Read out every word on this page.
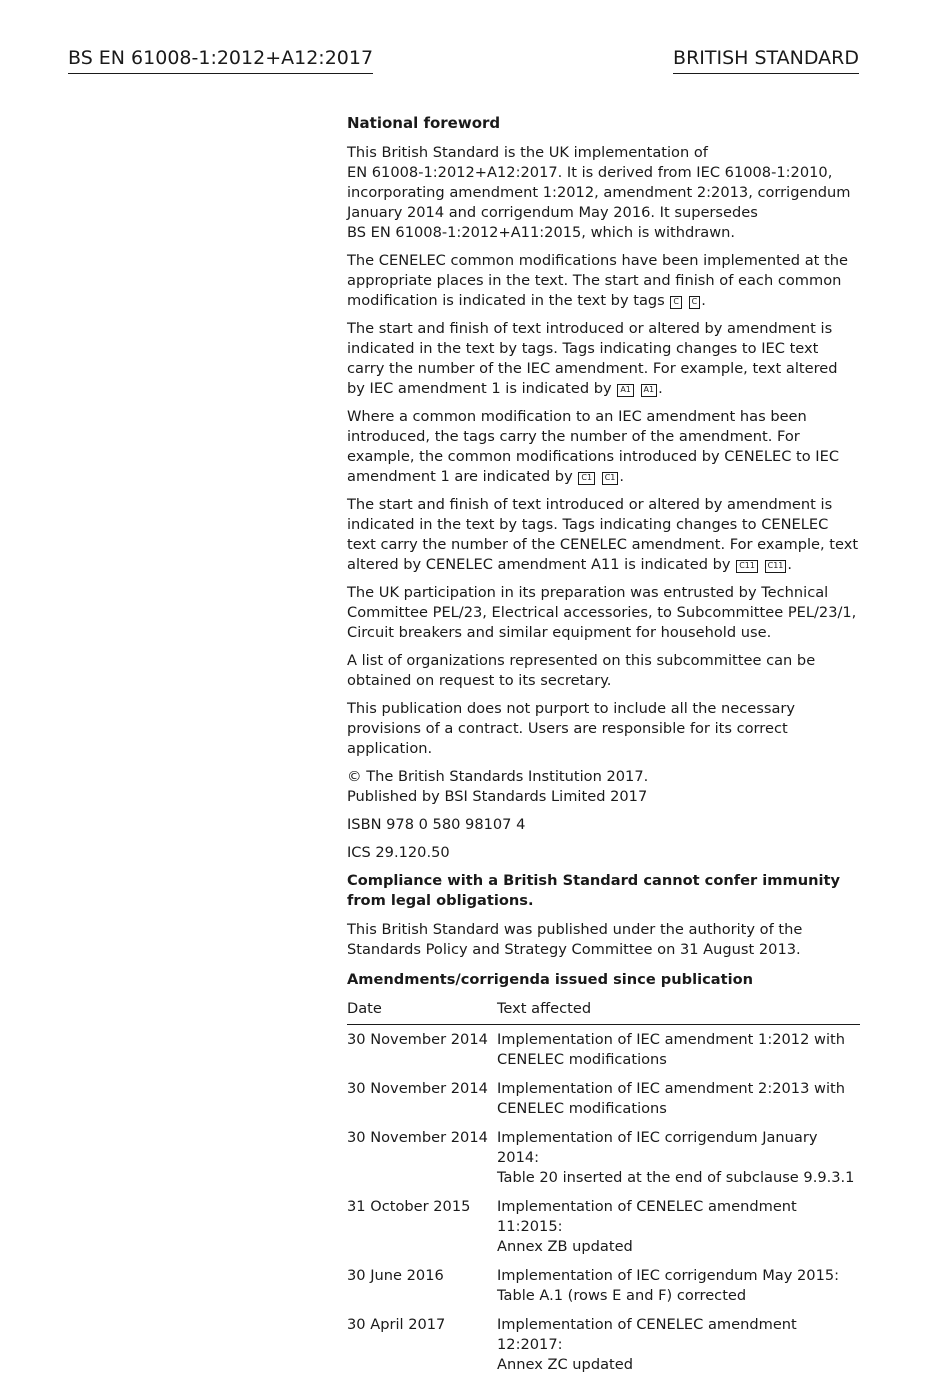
BS EN 61008-1:2012+A12:2017	BRITISH STANDARD
National foreword

This British Standard is the UK implementation of
EN 61008-1:2012+A12:2017. It is derived from IEC 61008-1:2010,
incorporating amendment 1:2012, amendment 2:2013, corrigendum
January 2014 and corrigendum May 2016. It supersedes
BS EN 61008-1:2012+A11:2015, which is withdrawn.

The CENELEC common modifications have been implemented at the appropriate places in the text. The start and finish of each common modification is indicated in the text by tags C C .

The start and finish of text introduced or altered by amendment is indicated in the text by tags. Tags indicating changes to IEC text carry the number of the IEC amendment. For example, text altered by IEC amendment 1 is indicated by A1 A1 .

Where a common modification to an IEC amendment has been introduced, the tags carry the number of the amendment. For example, the common modifications introduced by CENELEC to IEC amendment 1 are indicated by C1 C1 .

The start and finish of text introduced or altered by amendment is indicated in the text by tags. Tags indicating changes to CENELEC text carry the number of the CENELEC amendment. For example, text altered by CENELEC amendment A11 is indicated by C11 C11 .

The UK participation in its preparation was entrusted by Technical Committee PEL/23, Electrical accessories, to Subcommittee PEL/23/1, Circuit breakers and similar equipment for household use.

A list of organizations represented on this subcommittee can be obtained on request to its secretary.

This publication does not purport to include all the necessary provisions of a contract. Users are responsible for its correct application.

© The British Standards Institution 2017.
Published by BSI Standards Limited 2017

ISBN 978 0 580 98107 4

ICS 29.120.50

Compliance with a British Standard cannot confer immunity from legal obligations.

This British Standard was published under the authority of the Standards Policy and Strategy Committee on 31 August 2013.

Amendments/corrigenda issued since publication

Date	Text affected
30 November 2014 Implementation of IEC amendment 1:2012 with
CENELEC modifications
30 November 2014 Implementation of IEC amendment 2:2013 with
CENELEC modifications
30 November 2014 Implementation of IEC corrigendum January 2014:
Table 20 inserted at the end of subclause 9.9.3.1
31 October 2015	Implementation of CENELEC amendment 11:2015:
Annex ZB updated
30 June 2016	Implementation of IEC corrigendum May 2015:
Table A.1 (rows E and F) corrected
30 April 2017	Implementation of CENELEC amendment 12:2017:
Annex ZC updated
